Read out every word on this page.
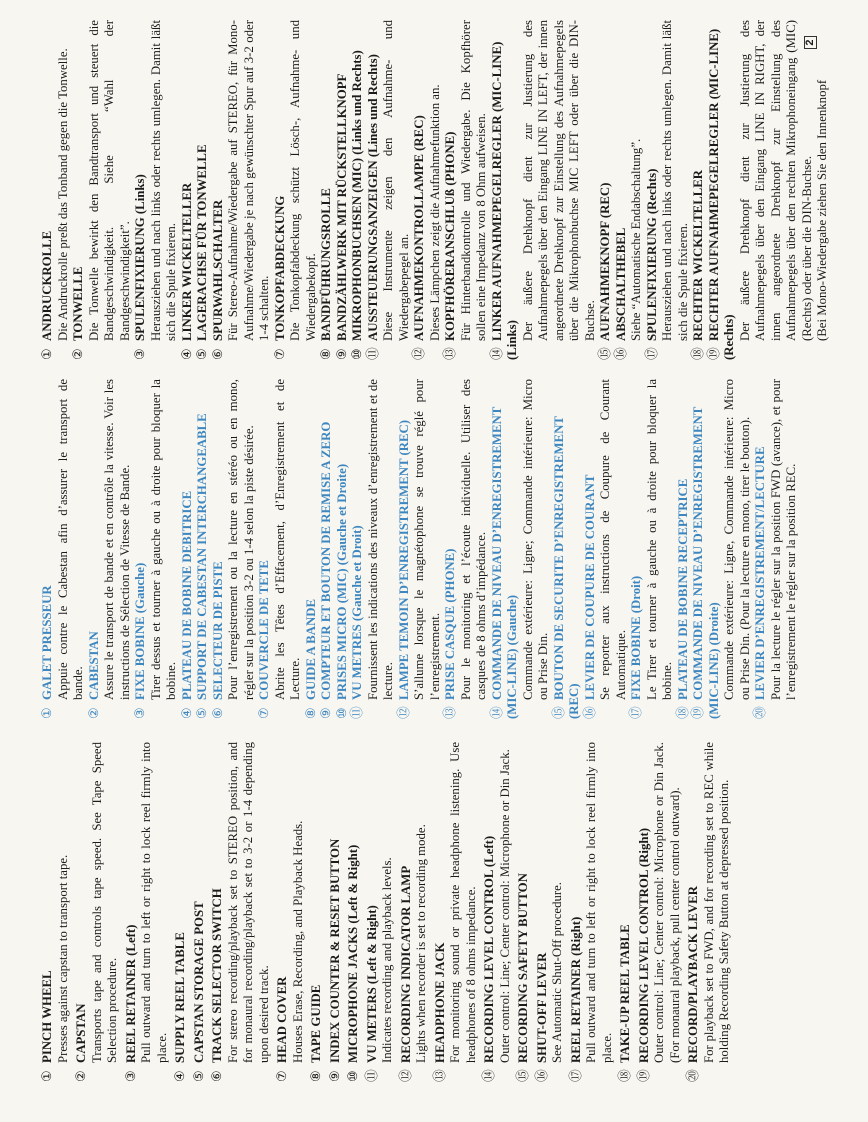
①PINCH WHEEL Presses against capstan to transport tape.
②CAPSTAN Transports tape and controls tape speed. See Tape Speed Selection procedure.
③REEL RETAINER (Left) Pull outward and turn to left or right to lock reel firmly into place.
④SUPPLY REEL TABLE
⑤CAPSTAN STORAGE POST
⑥TRACK SELECTOR SWITCH For stereo recording/playback set to STEREO position, and for monaural recording/playback set to 3-2 or 1-4 depending upon desired track.
⑦HEAD COVER Houses Erase, Recording, and Playback Heads.
⑧TAPE GUIDE
⑨INDEX COUNTER & RESET BUTTON
⑩MICROPHONE JACKS (Left & Right)
⑪VU METERS (Left & Right) Indicates recording and playback levels.
⑫RECORDING INDICATOR LAMP Lights when recorder is set to recording mode.
⑬HEADPHONE JACK For monitoring sound or private headphone listening. Use headphones of 8 ohms impedance.
⑭RECORDING LEVEL CONTROL (Left) Outer control: Line; Center control: Microphone or Din Jack.
⑮RECORDING SAFETY BUTTON
⑯SHUT-OFF LEVER See Automatic Shut-Off procedure.
⑰REEL RETAINER (Right) Pull outward and turn to left or right to lock reel firmly into place.
⑱TAKE-UP REEL TABLE
⑲RECORDING LEVEL CONTROL (Right) Outer control: Line; Center control: Microphone or Din Jack. (For monaural playback, pull center control outward).
⑳RECORD/PLAYBACK LEVER For playback set to FWD, and for recording set to REC while holding Recording Safety Button at depressed position.
①GALET PRESSEUR Appuie contre le Cabestan afin d’assurer le transport de bande.
②CABESTAN Assure le transport de bande et en contrôle la vitesse. Voir les instructions de Sélection de Vitesse de Bande.
③FIXE BOBINE (Gauche) Tirer dessus et tourner à gauche ou à droite pour bloquer la bobine.
④PLATEAU DE BOBINE DEBITRICE
⑤SUPPORT DE CABESTAN INTERCHANGEABLE
⑥SELECTEUR DE PISTE Pour l’enregistrement ou la lecture en stéréo ou en mono, régler sur la position 3-2 ou 1-4 selon la piste désirée.
⑦COUVERCLE DE TETE Abrite les Têtes d’Effacement, d’Enregistrement et de Lecture.
⑧GUIDE A BANDE
⑨COMPTEUR ET BOUTON DE REMISE A ZERO
⑩PRISES MICRO (MIC) (Gauche et Droite)
⑪VU METRES (Gauche et Droit) Fournissent les indications des niveaux d’enregistrement et de lecture.
⑫LAMPE TEMOIN D’ENREGISTREMENT (REC) S’allume lorsque le magnétophone se trouve réglé pour l’enregistrement.
⑬PRISE CASQUE (PHONE) Pour le monitoring et l’écoute individuelle. Utiliser des casques de 8 ohms d’impédance.
⑭COMMANDE DE NIVEAU D’ENREGISTREMENT (MIC-LINE) (Gauche) Commande extérieure: Ligne; Commande intérieure: Micro ou Prise Din.
⑮BOUTON DE SECURITE D’ENREGISTREMENT (REC) ⑯LEVIER DE COUPURE DE COURANT Se reporter aux instructions de Coupure de Courant Automatique.
⑰FIXE BOBINE (Droit) Le Tirer et tourner à gauche ou à droite pour bloquer la bobine.
⑱PLATEAU DE BOBINE RECEPTRICE
⑲COMMANDE DE NIVEAU D’ENREGISTREMENT (MIC-LINE) (Droite) Commande extérieure: Ligne, Commande intérieure: Micro ou Prise Din. (Pour la lecture en mono, tirer le bouton).
⑳LEVIER D’ENREGISTREMENT/LECTURE Pour la lecture le régler sur la position FWD (avance), et pour l’enregistrement le régler sur la position REC.
①ANDRUCKROLLE Die Andruckrolle preßt das Tonband gegen die Tonwelle.
②TONWELLE Die Tonwelle bewirkt den Bandtransport und steuert die Bandgeschwindigkeit. Siehe “Wahl der Bandgeschwindigkeit”.
③SPULENFIXIERUNG (Links) Herausziehen und nach links oder rechts umlegen. Damit läßt sich die Spule fixieren.
④LINKER WICKELTELLER
⑤LAGERACHSE FÜR TONWELLE
⑥SPURWAHLSCHALTER Für Stereo-Aufnahme/Wiedergabe auf STEREO, für Mono-Aufnahme/Wiedergabe je nach gewünschter Spur auf 3-2 oder 1-4 schalten.
⑦TONKOPFABDECKUNG Die Tonkopfabdeckung schützt Lösch-, Aufnahme- und Wiedergabekopf.
⑧BANDFÜHRUNGSROLLE
⑨BANDZÄHLWERK MIT RÜCKSTELLKNOPF
⑩MIKROPHONBUCHSEN (MIC) (Links und Rechts)
⑪AUSSTEUERUNGSANZEIGEN (Lines und Rechts) Diese Instrumente zeigen den Aufnahme- und Wiedergabepegel an.
⑫AUFNAHMEKONTROLLAMPE (REC) Dieses Lämpchen zeigt die Aufnahmefunktion an.
⑬KOPFHÖRERANSCHLUß (PHONE) Für Hinterbandkontrolle und Wiedergabe. Die Kopfhörer sollen eine Impedanz von 8 Ohm aufweisen.
⑭LINKER AUFNAHMEPEGELREGLER (MIC-LINE) (Links) Der äußere Drehknopf dient zur Justierung des Aufnahmepegels über den Eingang LINE IN LEFT, der innen angeordnete Drehknopf zur Einstellung des Aufnahmepegels über die Mikrophonbuchse MIC LEFT oder über die DIN-Buchse.
⑮AUFNAHMEKNOPF (REC)
⑯ABSCHALTHEBEL Siehe “Automatische Endabschaltung”.
⑰SPULENFIXIERUNG (Rechts) Herausziehen und nach links oder rechts umlegen. Damit läßt sich die Spule fixieren.
⑱RECHTER WICKELTELLER
⑲RECHTER AUFNAHMEPEGELREGLER (MIC-LINE) (Rechts) Der äußere Drehknopf dient zur Justierung des Aufnahmepegels über den Eingang LINE IN RIGHT, der innen angeordnete Drehknopf zur Einstellung des Aufnahmepegels über den rechten Mikrophoneingang (MIC) (Rechts) oder über die DIN-Buchse. (Bei Mono-Wiedergabe ziehen Sie den Innenknopf
2
